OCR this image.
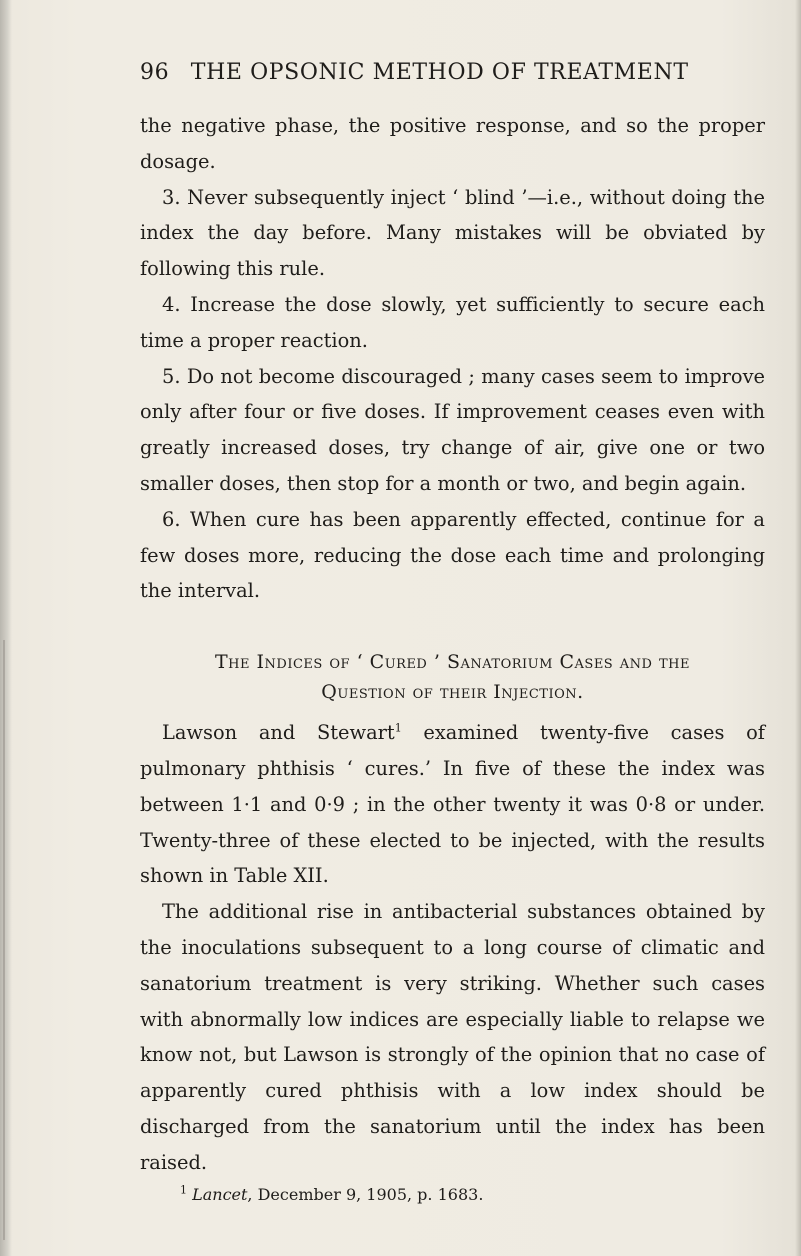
96 THE OPSONIC METHOD OF TREATMENT

the negative phase, the positive response, and so the proper dosage.

3. Never subsequently inject ‘ blind ’—i.e., without doing the index the day before. Many mistakes will be obviated by following this rule.

4. Increase the dose slowly, yet sufficiently to secure each time a proper reaction.

5. Do not become discouraged ; many cases seem to improve only after four or five doses. If improvement ceases even with greatly increased doses, try change of air, give one or two smaller doses, then stop for a month or two, and begin again.

6. When cure has been apparently effected, continue for a few doses more, reducing the dose each time and prolonging the interval.

The Indices of ‘ Cured ’ Sanatorium Cases and the
Question of their Injection.

Lawson and Stewart$^1$ examined twenty-five cases of pulmonary phthisis ‘ cures.’ In five of these the index was between 1·1 and 0·9 ; in the other twenty it was 0·8 or under. Twenty-three of these elected to be injected, with the results shown in Table XII.

The additional rise in antibacterial substances obtained by the inoculations subsequent to a long course of climatic and sanatorium treatment is very striking. Whether such cases with abnormally low indices are especially liable to relapse we know not, but Lawson is strongly of the opinion that no case of apparently cured phthisis with a low index should be discharged from the sanatorium until the index has been raised.

$^1$ Lancet, December 9, 1905, p. 1683.
